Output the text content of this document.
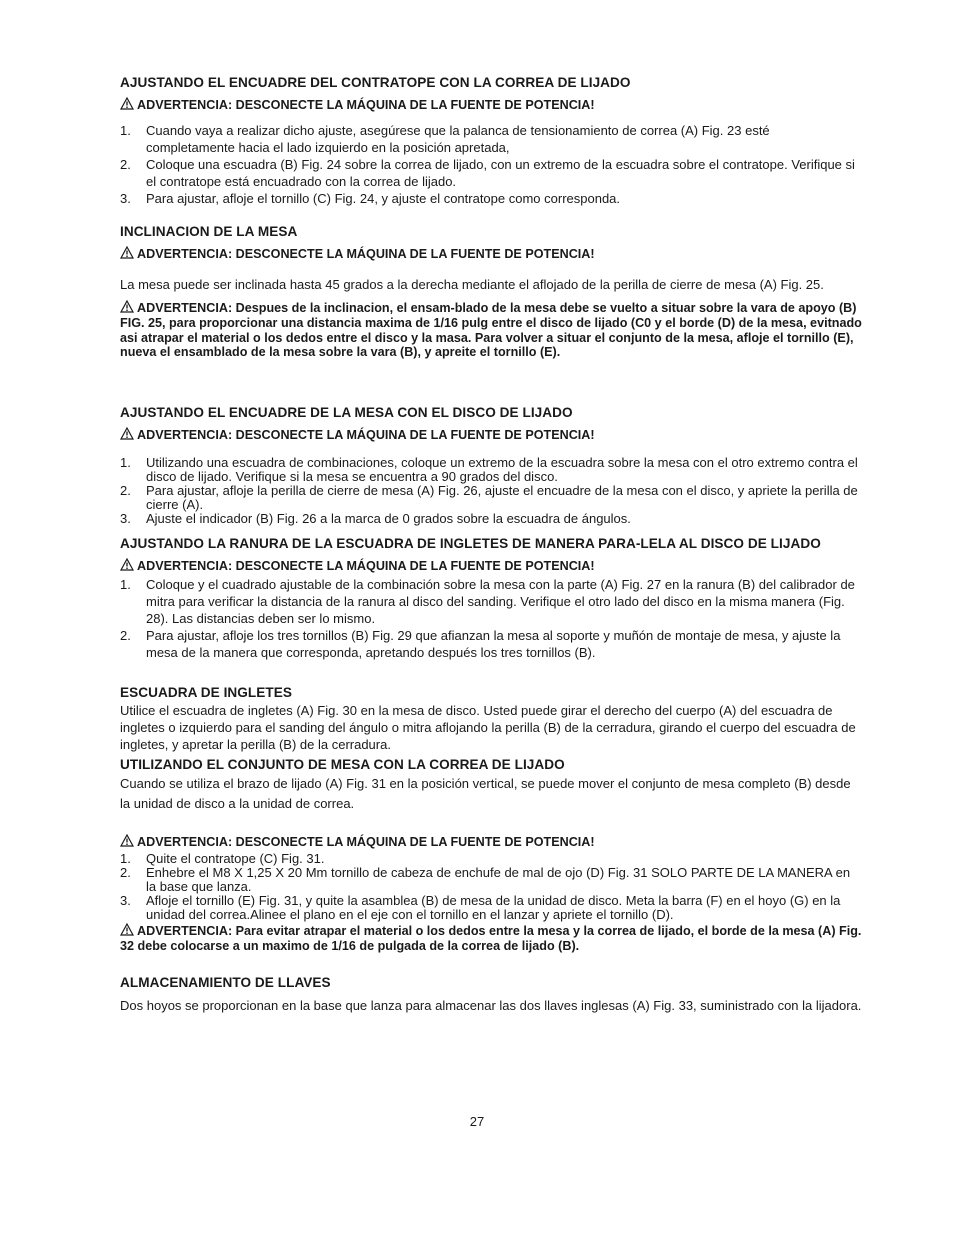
AJUSTANDO EL ENCUADRE DEL CONTRATOPE CON LA CORREA DE LIJADO
ADVERTENCIA: DESCONECTE LA MÁQUINA DE LA FUENTE DE POTENCIA!
1. Cuando vaya a realizar dicho ajuste, asegúrese que la palanca de tensionamiento de correa (A) Fig. 23 esté completamente hacia el lado izquierdo en la posición apretada,
2. Coloque una escuadra (B) Fig. 24 sobre la correa de lijado, con un extremo de la escuadra sobre el contratope. Verifique si el contratope está encuadrado con la correa de lijado.
3. Para ajustar, afloje el tornillo (C) Fig. 24, y ajuste el contratope como corresponda.
INCLINACION DE LA MESA
ADVERTENCIA: DESCONECTE LA MÁQUINA DE LA FUENTE DE POTENCIA!

La mesa puede ser inclinada hasta 45 grados a la derecha mediante el aflojado de la perilla de cierre de mesa (A) Fig. 25.

ADVERTENCIA: Despues de la inclinacion, el ensam-blado de la mesa debe se vuelto a situar sobre la vara de apoyo (B) FIG. 25, para proporcionar una distancia maxima de 1/16 pulg entre el disco de lijado (C0 y el borde (D) de la mesa, evitnado asi atrapar el material o los dedos entre el disco y la masa. Para volver a situar el conjunto de la mesa, afloje el tornillo (E), nueva el ensamblado de la mesa sobre la vara (B), y apreite el tornillo (E).
AJUSTANDO EL ENCUADRE DE LA MESA CON EL DISCO DE LIJADO
ADVERTENCIA: DESCONECTE LA MÁQUINA DE LA FUENTE DE POTENCIA!
1. Utilizando una escuadra de combinaciones, coloque un extremo de la escuadra sobre la mesa con el otro extremo contra el disco de lijado. Verifique si la mesa se encuentra a 90 grados del disco.
2. Para ajustar, afloje la perilla de cierre de mesa (A) Fig. 26, ajuste el encuadre de la mesa con el disco, y apriete la perilla de cierre (A).
3. Ajuste el indicador (B) Fig. 26 a la marca de 0 grados sobre la escuadra de ángulos.
AJUSTANDO LA RANURA DE LA ESCUADRA DE INGLETES DE MANERA PARA-LELA AL DISCO DE LIJADO
ADVERTENCIA: DESCONECTE LA MÁQUINA DE LA FUENTE DE POTENCIA!
1. Coloque y el cuadrado ajustable de la combinación sobre la mesa con la parte (A) Fig. 27 en la ranura (B) del calibrador de mitra para verificar la distancia de la ranura al disco del sanding. Verifique el otro lado del disco en la misma manera (Fig. 28). Las distancias deben ser lo mismo.
2. Para ajustar, afloje los tres tornillos (B) Fig. 29 que afianzan la mesa al soporte y muñón de montaje de mesa, y ajuste la mesa de la manera que corresponda, apretando después los tres tornillos (B).
ESCUADRA DE INGLETES

Utilice el escuadra de ingletes (A) Fig. 30 en la mesa de disco. Usted puede girar el derecho del cuerpo (A) del escuadra de ingletes o izquierdo para el sanding del ángulo o mitra aflojando la perilla (B) de la cerradura, girando el cuerpo del escuadra de ingletes, y apretar la perilla (B) de la cerradura.

UTILIZANDO EL CONJUNTO DE MESA CON LA CORREA DE LIJADO

Cuando se utiliza el brazo de lijado (A) Fig. 31 en la posición vertical, se puede mover el conjunto de mesa completo (B) desde la unidad de disco a la unidad de correa.

ADVERTENCIA: DESCONECTE LA MÁQUINA DE LA FUENTE DE POTENCIA!
1. Quite el contratope (C) Fig. 31.
2. Enhebre el M8 X 1,25 X 20 Mm tornillo de cabeza de enchufe de mal de ojo (D) Fig. 31 SOLO PARTE DE LA MANERA en la base que lanza.
3. Afloje el tornillo (E) Fig. 31, y quite la asamblea (B) de mesa de la unidad de disco. Meta la barra (F) en el hoyo (G) en la unidad del correa.Alinee el plano en el eje con el tornillo en el lanzar y apriete el tornillo (D).
ADVERTENCIA: Para evitar atrapar el material o los dedos entre la mesa y la correa de lijado, el borde de la mesa (A) Fig. 32 debe colocarse a un maximo de 1/16 de pulgada de la correa de lijado (B).
ALMACENAMIENTO DE LLAVES

Dos hoyos se proporcionan en la base que lanza para almacenar las dos llaves inglesas (A) Fig. 33, suministrado con la lijadora.

27
